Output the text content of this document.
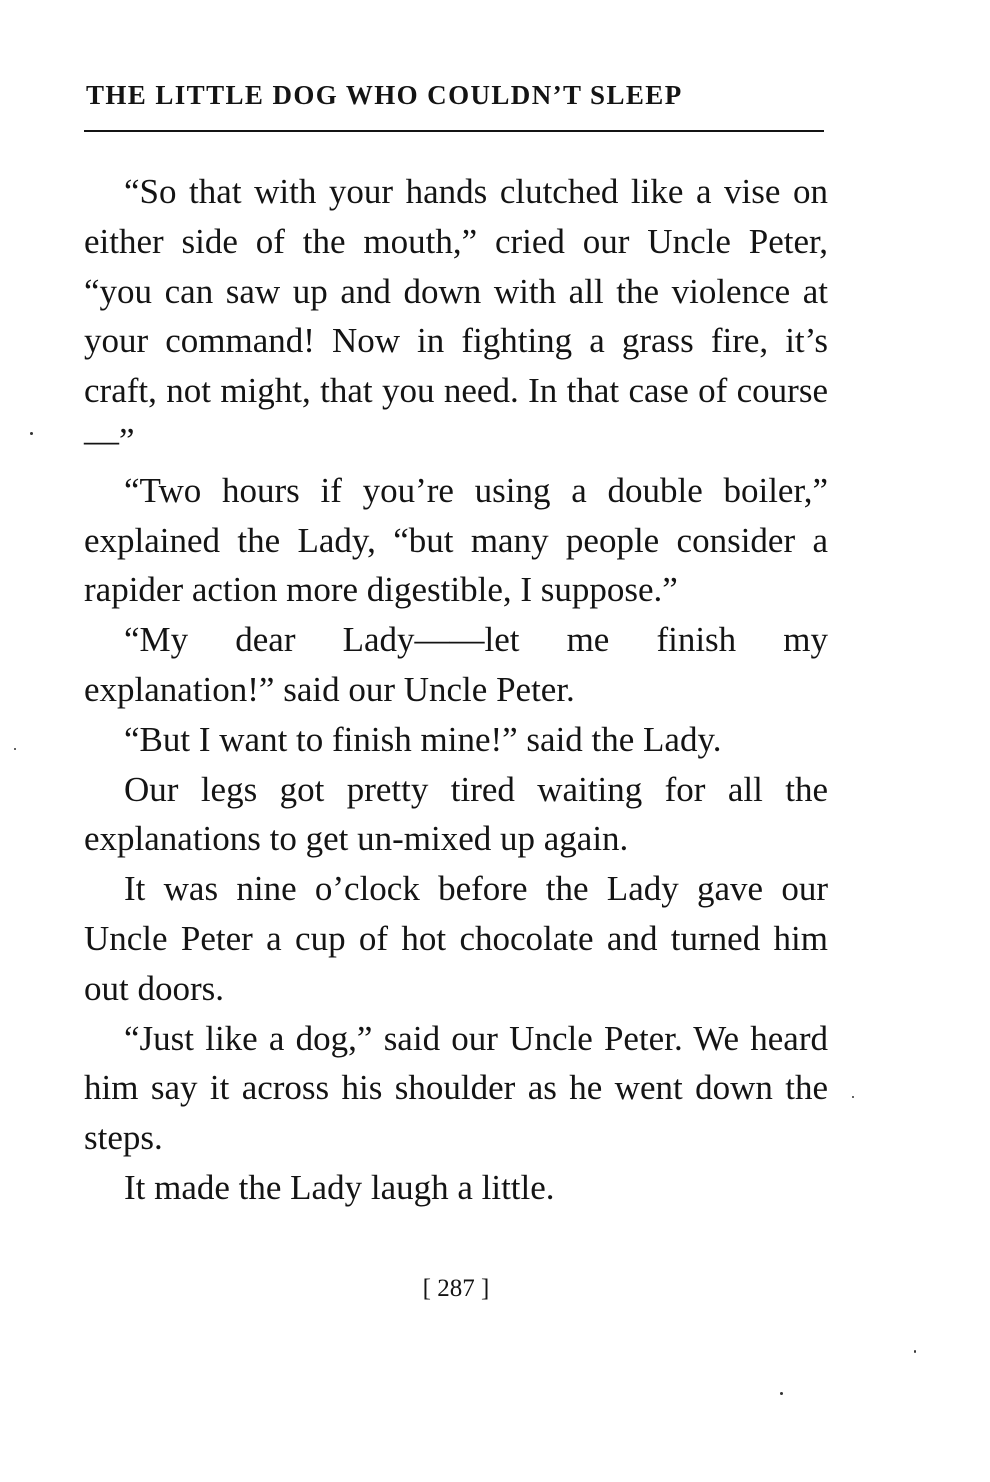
THE LITTLE DOG WHO COULDN’T SLEEP

“So that with your hands clutched like a vise on either side of the mouth,” cried our Uncle Peter, “you can saw up and down with all the violence at your command! Now in fighting a grass fire, it’s craft, not might, that you need. In that case of course—”

“Two hours if you’re using a double boiler,” explained the Lady, “but many people consider a rapider action more digestible, I suppose.”

“My dear Lady——let me finish my explanation!” said our Uncle Peter.

“But I want to finish mine!” said the Lady.

Our legs got pretty tired waiting for all the explanations to get un-mixed up again.

It was nine o’clock before the Lady gave our Uncle Peter a cup of hot chocolate and turned him out doors.

“Just like a dog,” said our Uncle Peter. We heard him say it across his shoulder as he went down the steps.

It made the Lady laugh a little.

[ 287 ]
